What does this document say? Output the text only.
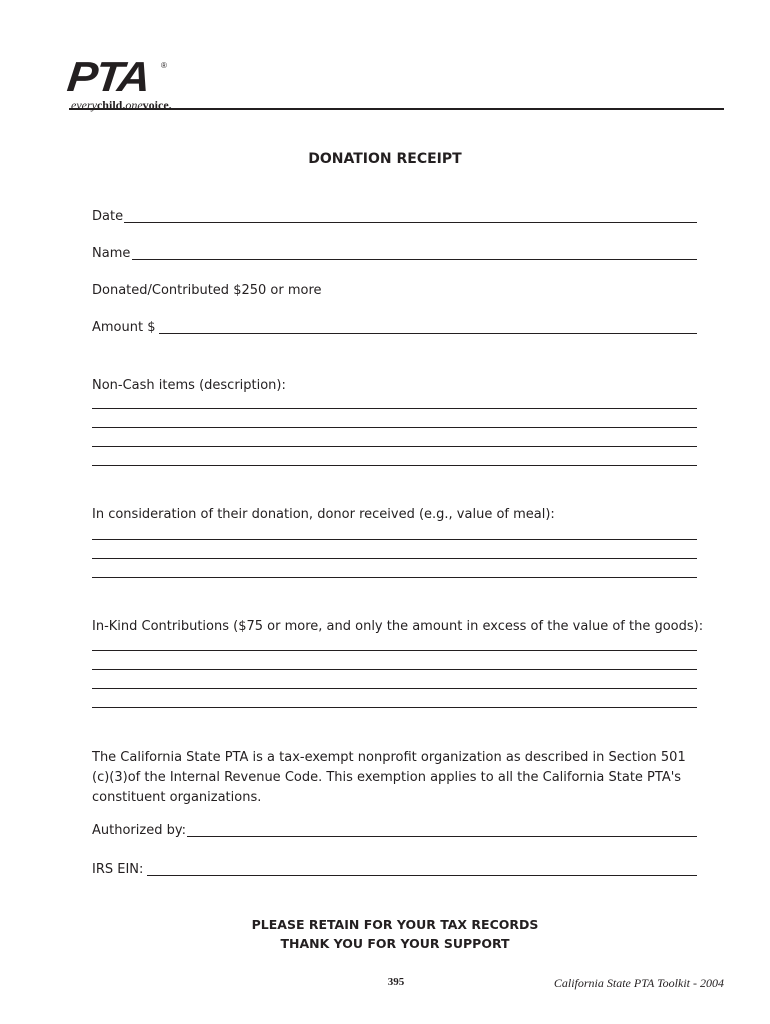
PTA ®
everychild.onevoice.
DONATION RECEIPT
Date
Name
Donated/Contributed $250 or more
Amount $
Non-Cash items (description):
In consideration of their donation, donor received (e.g., value of meal):
In-Kind Contributions ($75 or more, and only the amount in excess of the value of the goods):
The California State PTA is a tax-exempt nonprofit organization as described in Section 501 (c)(3)of the Internal Revenue Code. This exemption applies to all the California State PTA's constituent organizations.
Authorized by:
IRS EIN:
PLEASE RETAIN FOR YOUR TAX RECORDS
THANK YOU FOR YOUR SUPPORT
395	California State PTA Toolkit - 2004
